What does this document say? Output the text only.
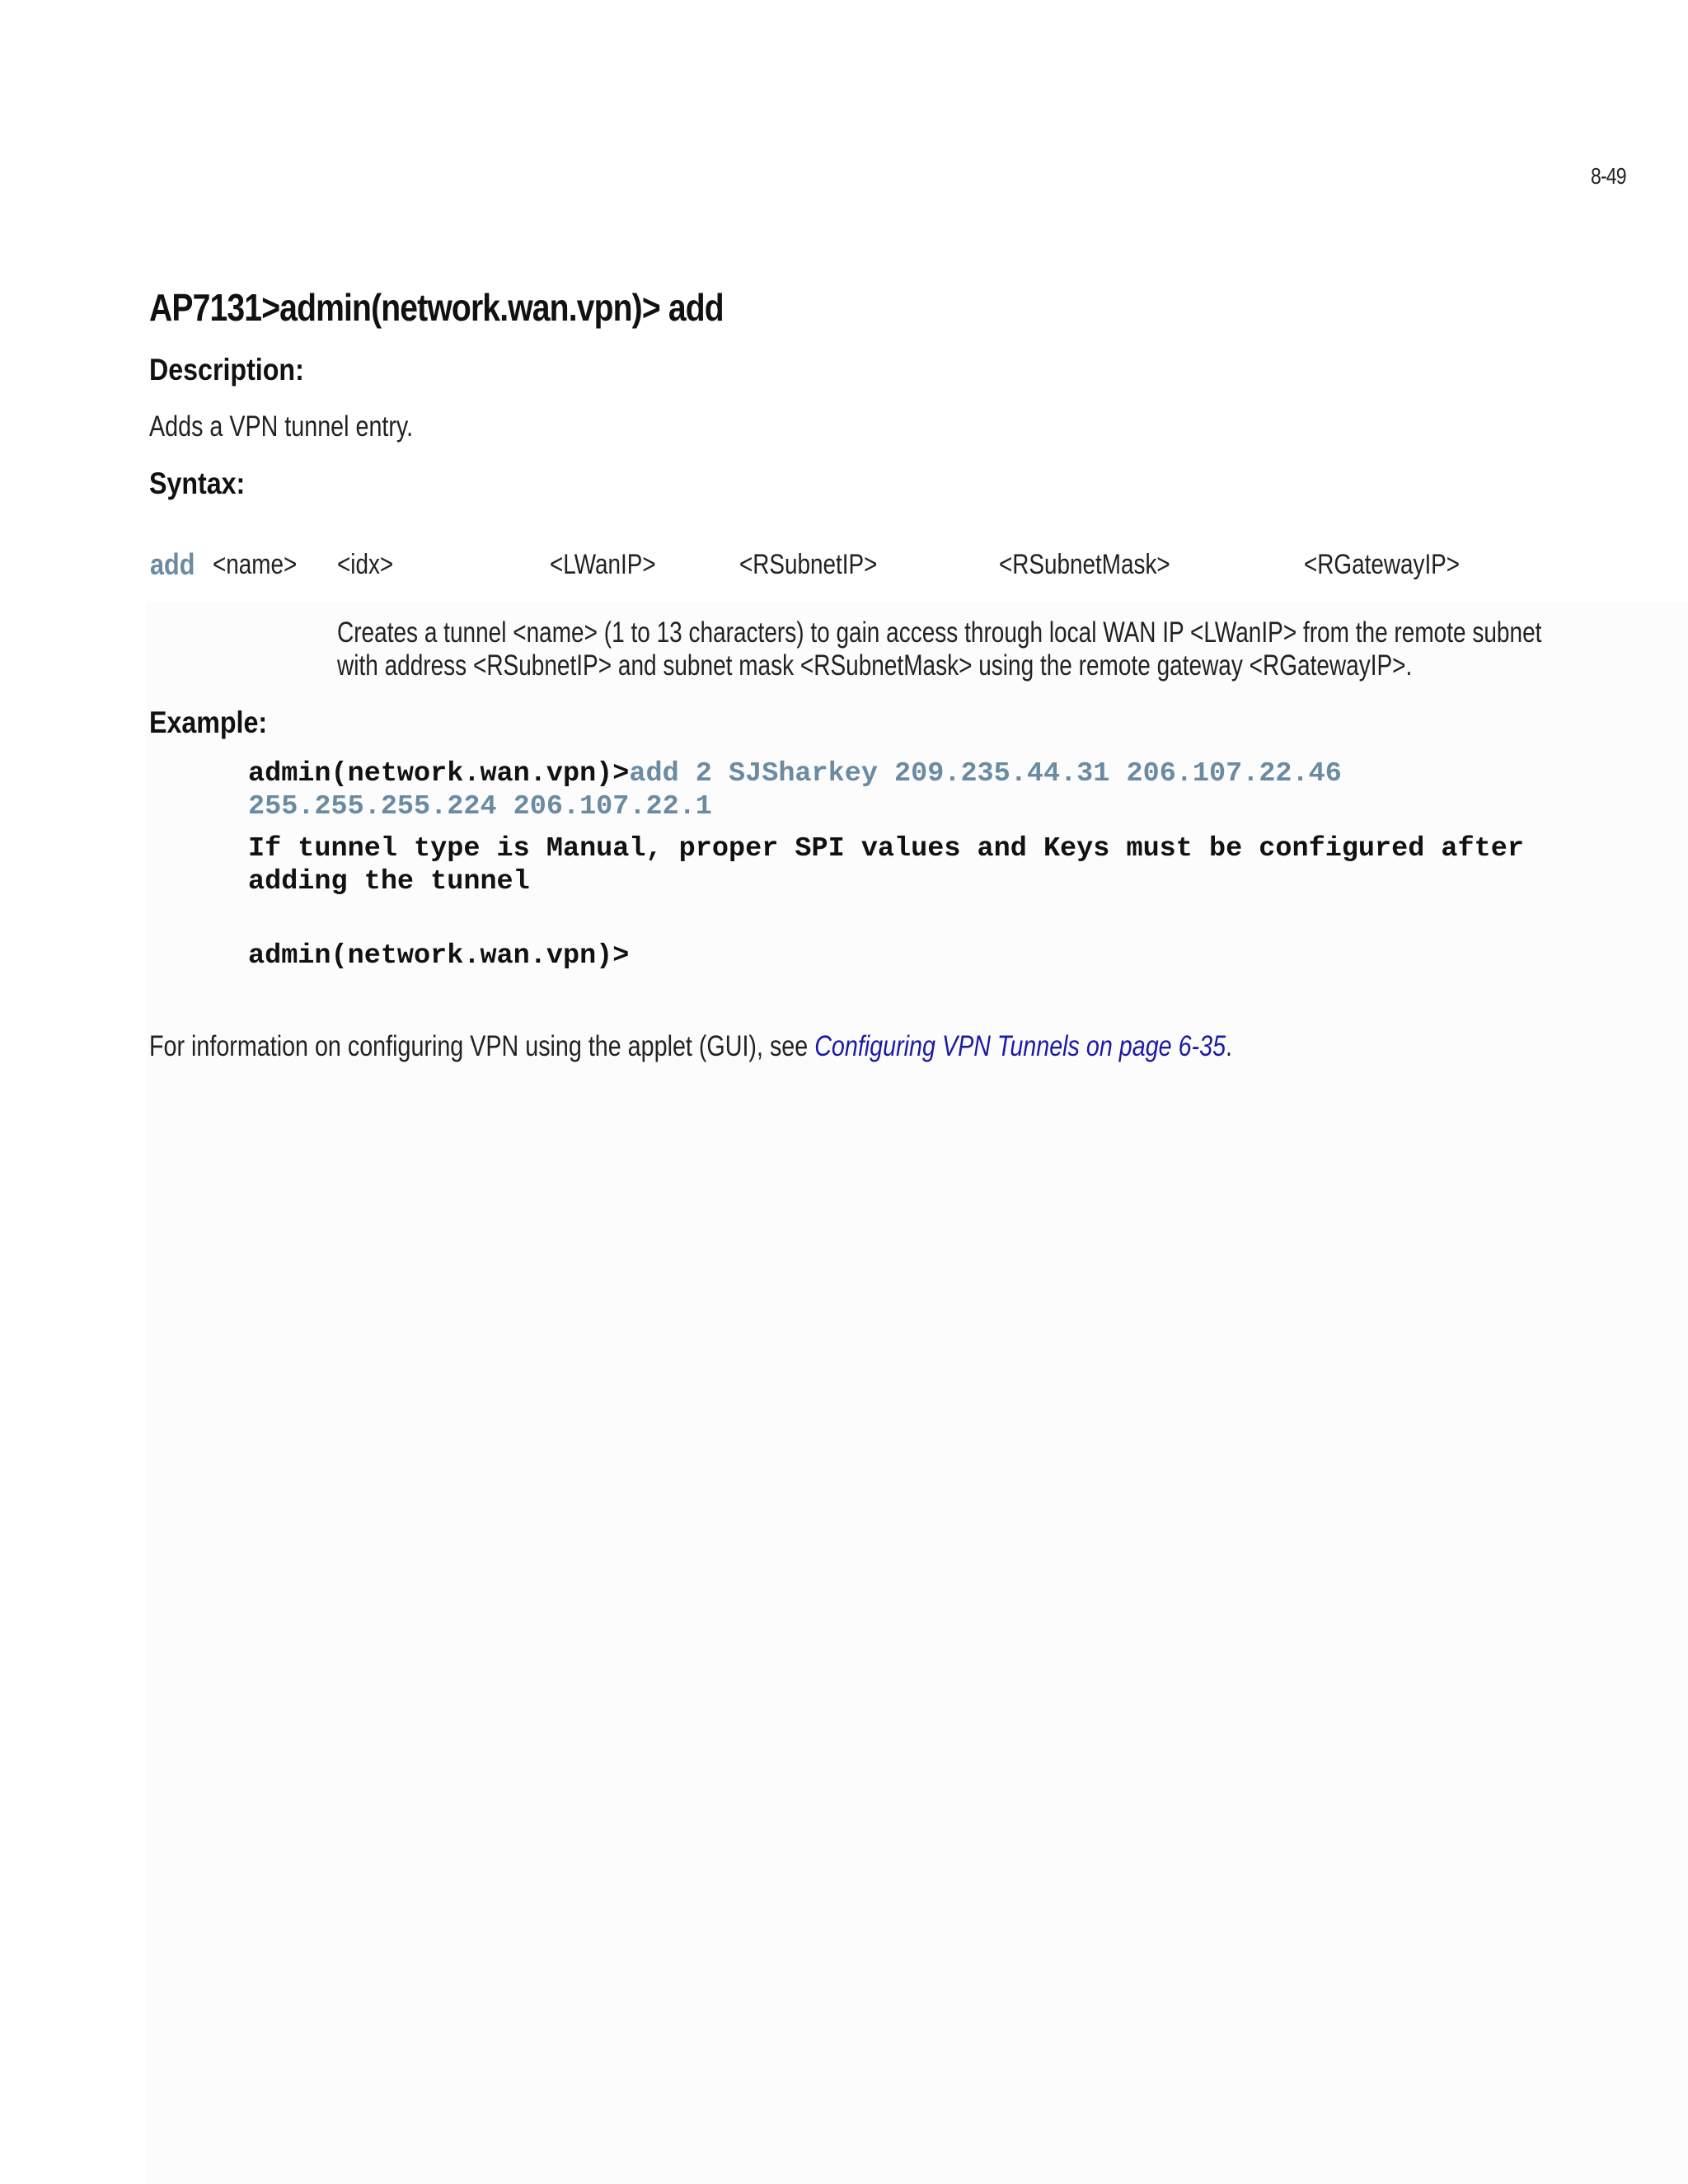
8-49
AP7131>admin(network.wan.vpn)> add
Description:
Adds a VPN tunnel entry.
Syntax:
add <name> <idx>	<LWanIP>	<RSubnetIP>	<RSubnetMask>	<RGatewayIP>
Creates a tunnel <name> (1 to 13 characters) to gain access through local WAN IP <LWanIP> from the remote subnet
with address <RSubnetIP> and subnet mask <RSubnetMask> using the remote gateway <RGatewayIP>.
Example:
admin(network.wan.vpn)>add 2 SJSharkey 209.235.44.31 206.107.22.46
255.255.255.224 206.107.22.1
If tunnel type is Manual, proper SPI values and Keys must be configured after
adding the tunnel
admin(network.wan.vpn)>
For information on configuring VPN using the applet (GUI), see Configuring VPN Tunnels on page 6-35.
